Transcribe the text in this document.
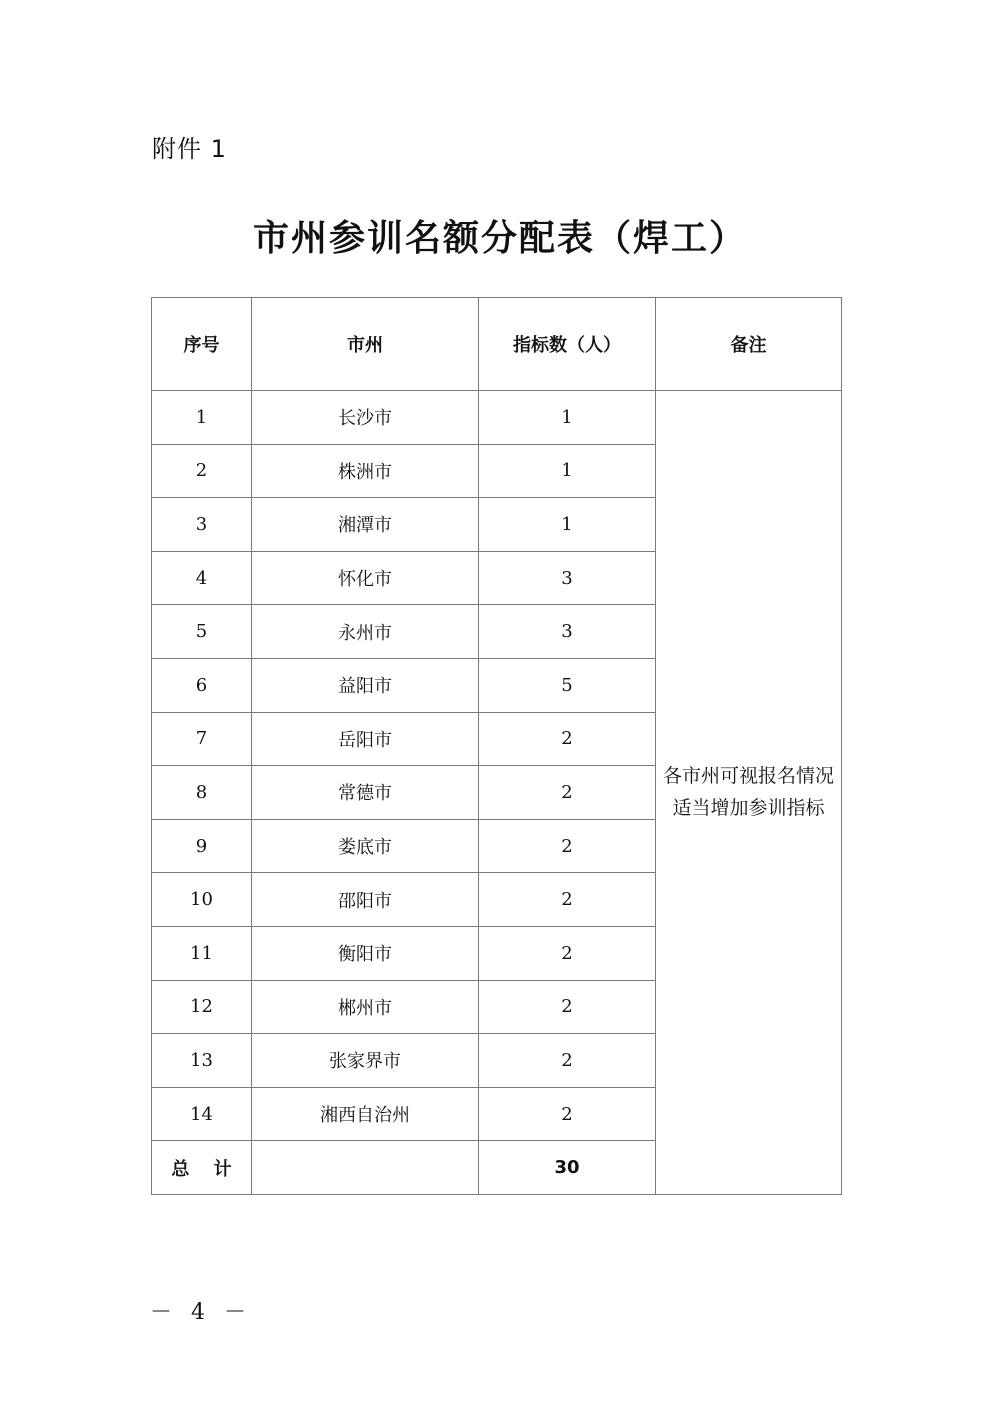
附件 1
市州参训名额分配表（焊工）
序号	市州	指标数（人）	备注
1	长沙市	1	各市州可视报名情况
适当增加参训指标
2	株洲市	1	
3	湘潭市	1	
4	怀化市	3	
5	永州市	3	
6	益阳市	5	
7	岳阳市	2	
8	常德市	2	
9	娄底市	2	
10	邵阳市	2	
11	衡阳市	2	
12	郴州市	2	
13	张家界市	2	
14	湘西自治州	2	
总 计		30	
－ 4 －
